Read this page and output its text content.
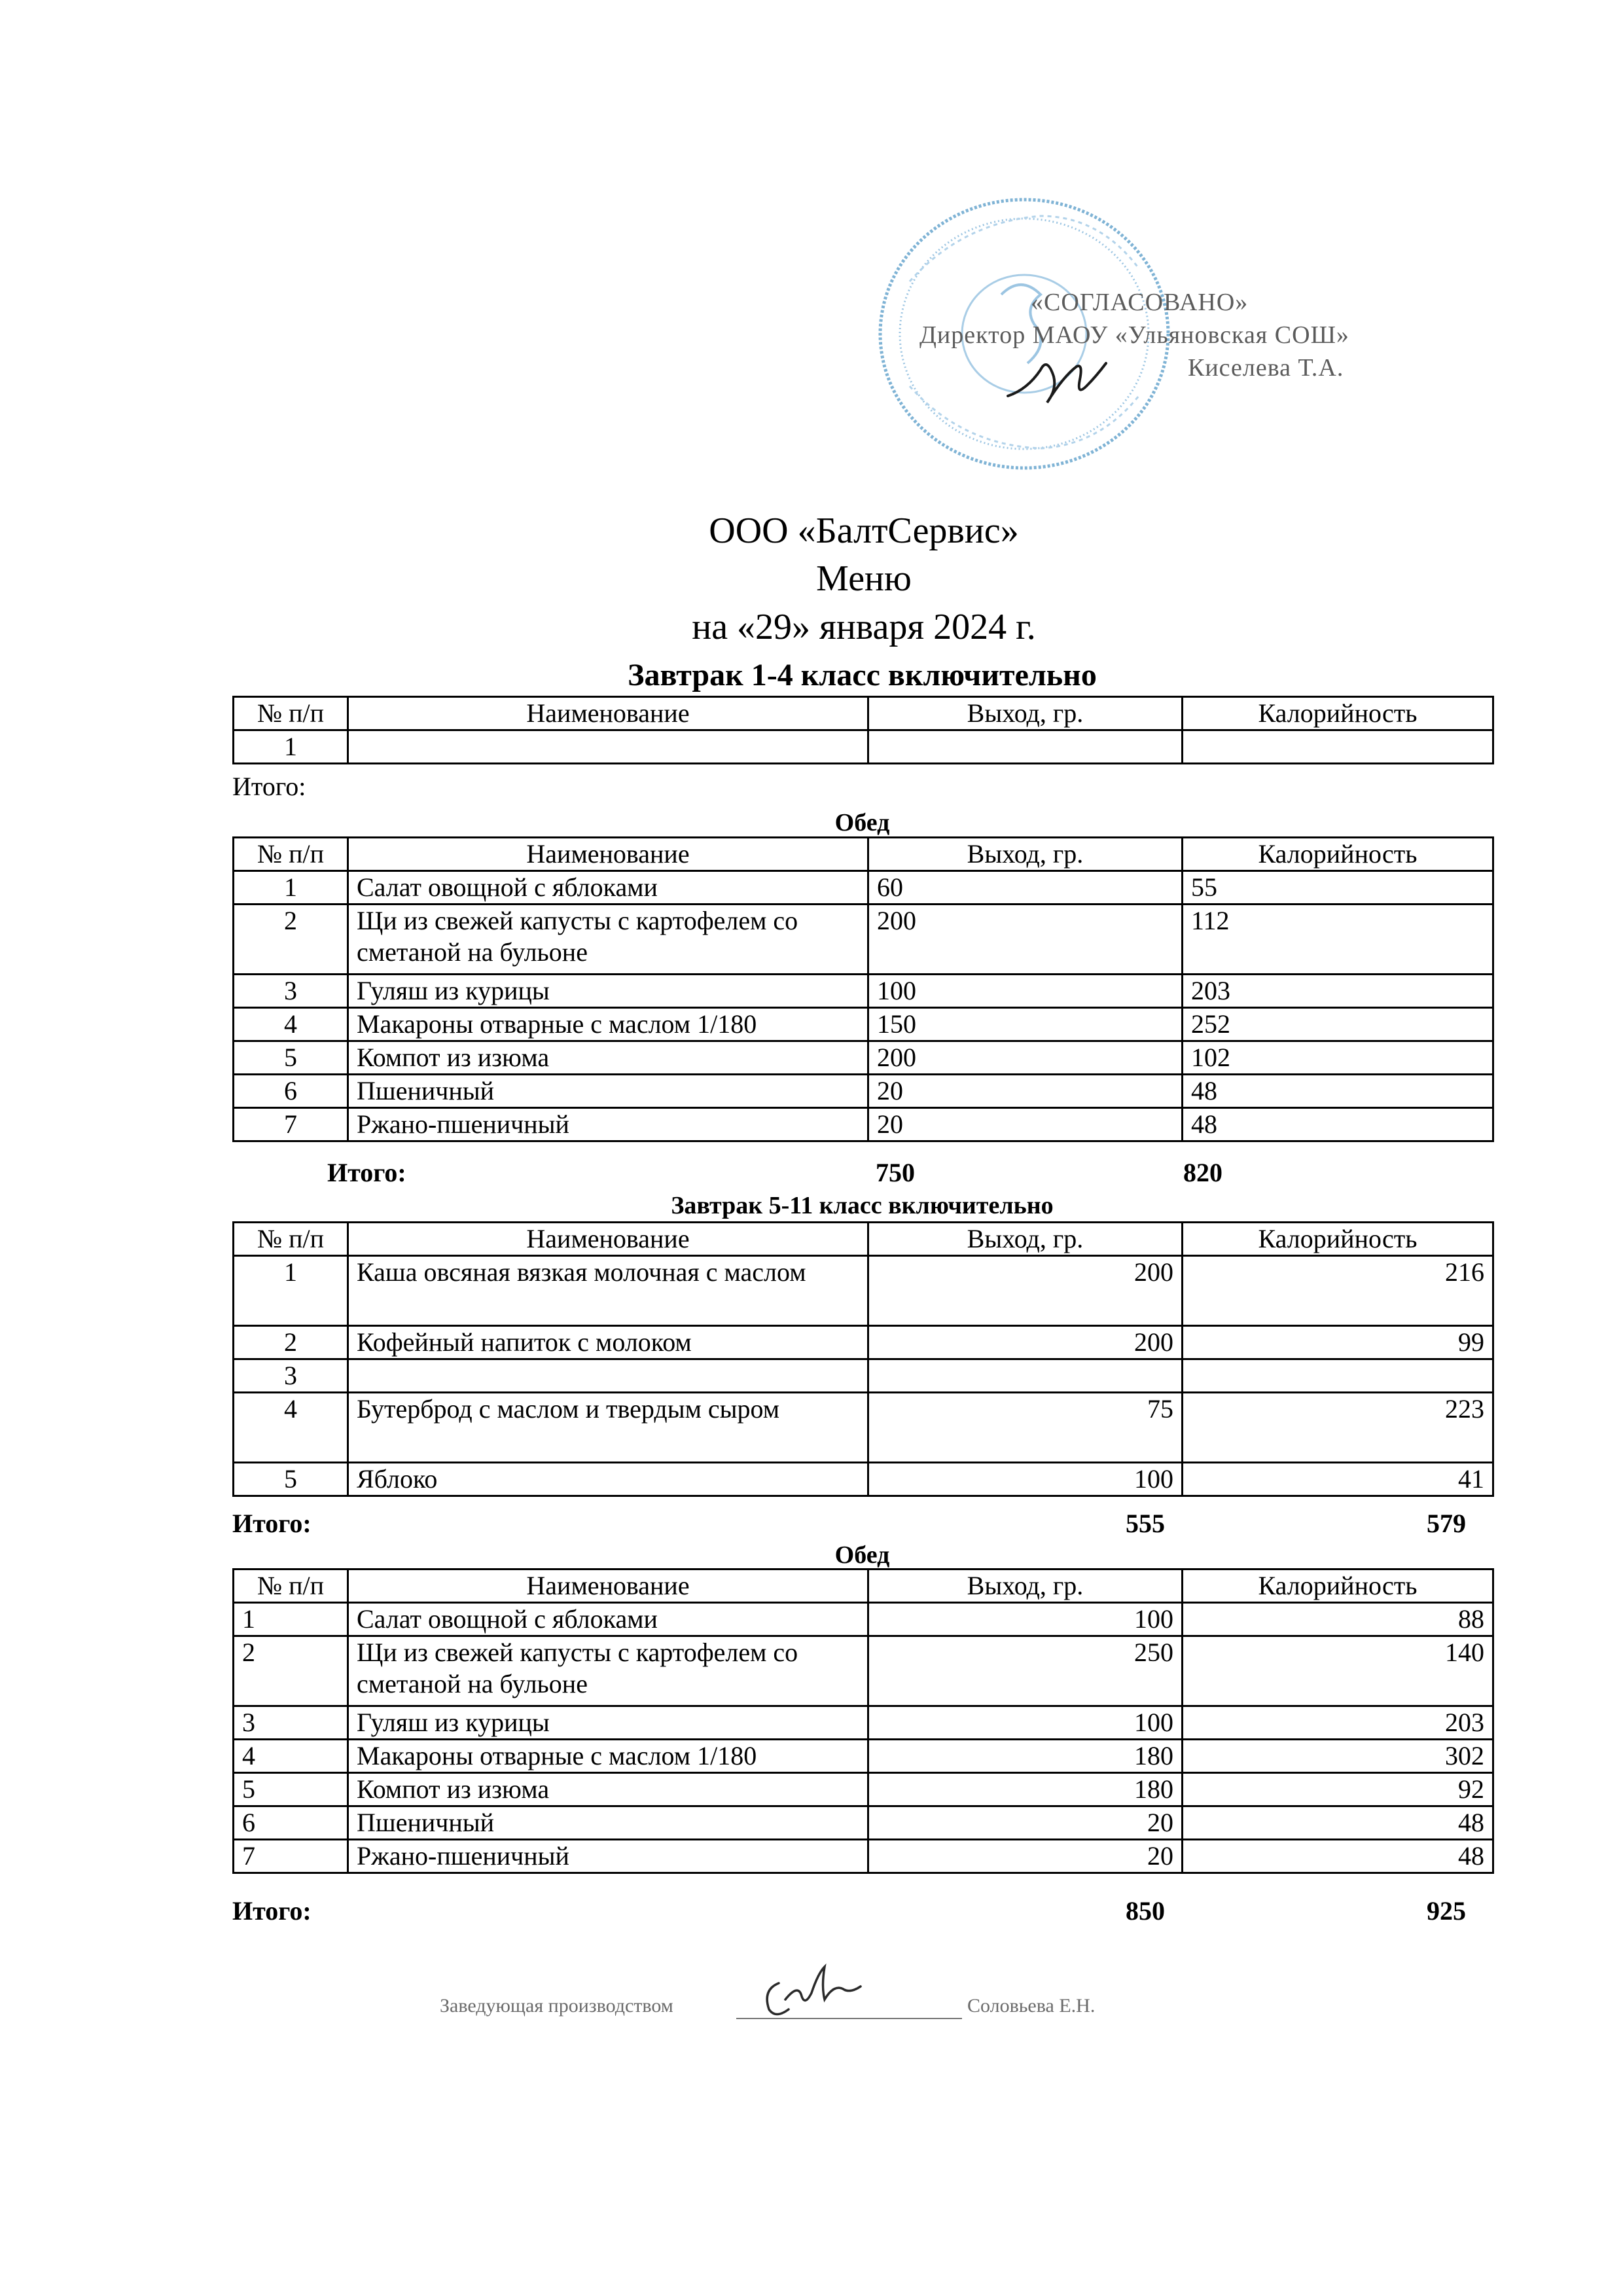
«СОГЛАСОВАНО»
Директор МАОУ «Ульяновская СОШ»
Киселева Т.А.
ООО «БалтСервис»
Меню
на «29» января 2024 г.
Завтрак 1-4 класс включительно
№ п/п	Наименование	Выход, гр.	Калорийность
1			
Итого:
Обед
№ п/п	Наименование	Выход, гр.	Калорийность
1	Салат овощной с яблоками	60	55
2	Щи из свежей капусты с картофелем со сметаной на бульоне	200	112
3	Гуляш из курицы	100	203
4	Макароны отварные с маслом 1/180	150	252
5	Компот из изюма	200	102
6	Пшеничный	20	48
7	Ржано-пшеничный	20	48
Итого:	750	820
Завтрак 5-11 класс включительно
№ п/п	Наименование	Выход, гр.	Калорийность
1	Каша овсяная вязкая молочная с маслом	200	216
2	Кофейный напиток с молоком	200	99
3			
4	Бутерброд с маслом и твердым сыром	75	223
5	Яблоко	100	41
Итого:	555	579
Обед
№ п/п	Наименование	Выход, гр.	Калорийность
1	Салат овощной с яблоками	100	88
2	Щи из свежей капусты с картофелем со сметаной на бульоне	250	140
3	Гуляш из курицы	100	203
4	Макароны отварные с маслом 1/180	180	302
5	Компот из изюма	180	92
6	Пшеничный	20	48
7	Ржано-пшеничный	20	48
Итого:	850	925
Заведующая производством	Соловьева Е.Н.
